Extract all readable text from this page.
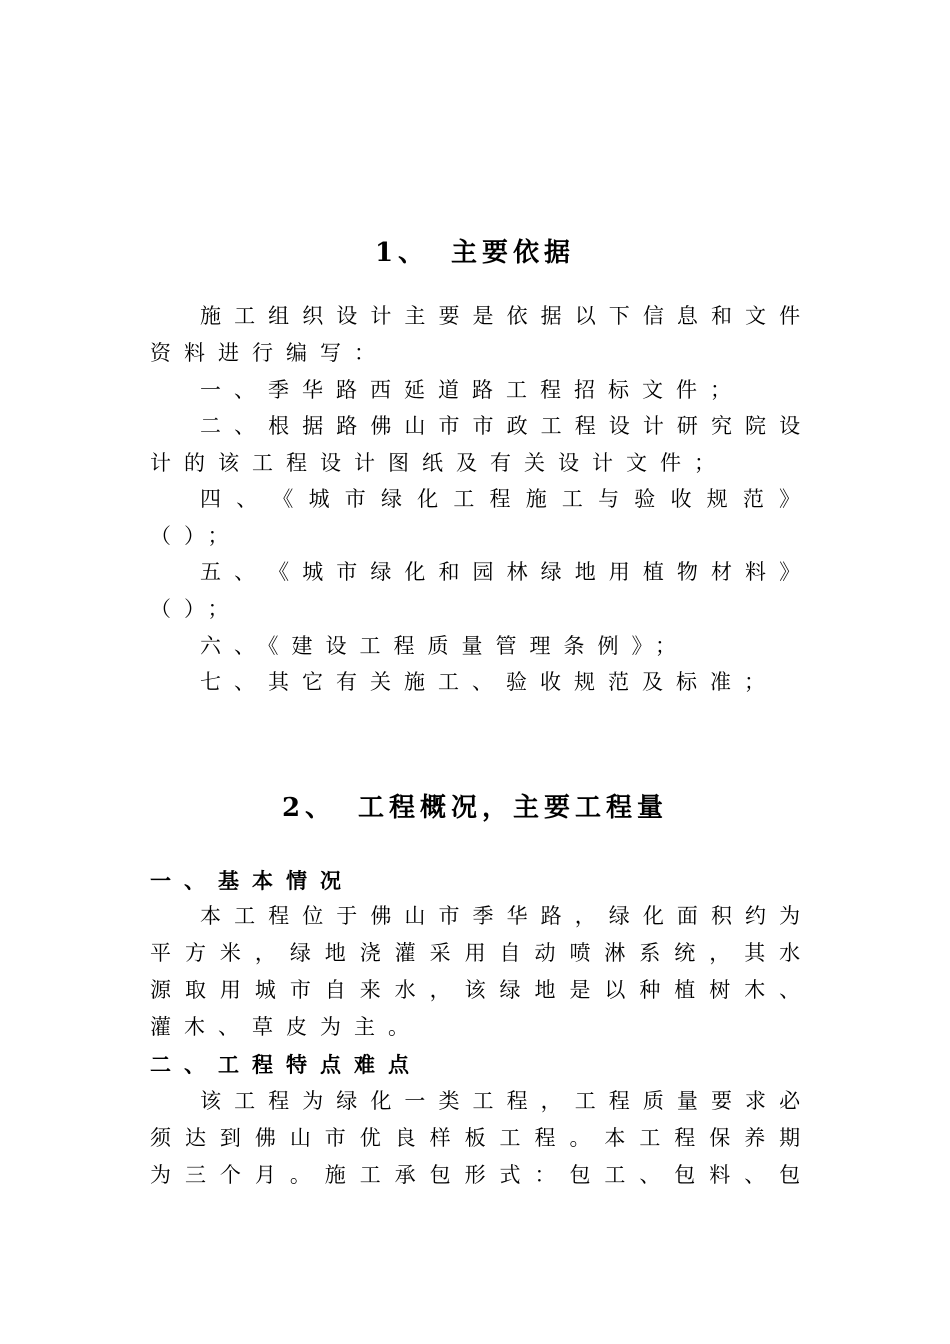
1、 主要依据
施 工 组 织 设 计 主 要 是 依 据 以 下 信 息 和 文 件
资料进行编写：
一、季华路西延道路工程招标文件；
二 、 根 据 路 佛 山 市 市 政 工 程 设 计 研 究 院 设
计的该工程设计图纸及有关设计文件；
四 、 《 城 市 绿 化 工 程 施 工 与 验 收 规 范 》
（）；
五 、 《 城 市 绿 化 和 园 林 绿 地 用 植 物 材 料 》
（）；
六、《建设工程质量管理条例》；
七、其它有关施工、验收规范及标准；
2、 工程概况，主要工程量
一、基本情况
本 工 程 位 于 佛 山 市 季 华 路 ， 绿 化 面 积 约 为
平 方 米 ， 绿 地 浇 灌 采 用 自 动 喷 淋 系 统 ， 其 水
源 取 用 城 市 自 来 水 ， 该 绿 地 是 以 种 植 树 木 、
灌木、草皮为主。
二、工程特点难点
该 工 程 为 绿 化 一 类 工 程 ， 工 程 质 量 要 求 必
须 达 到 佛 山 市 优 良 样 板 工 程 。 本 工 程 保 养 期
为 三 个 月 。 施 工 承 包 形 式 ： 包 工 、 包 料 、 包
